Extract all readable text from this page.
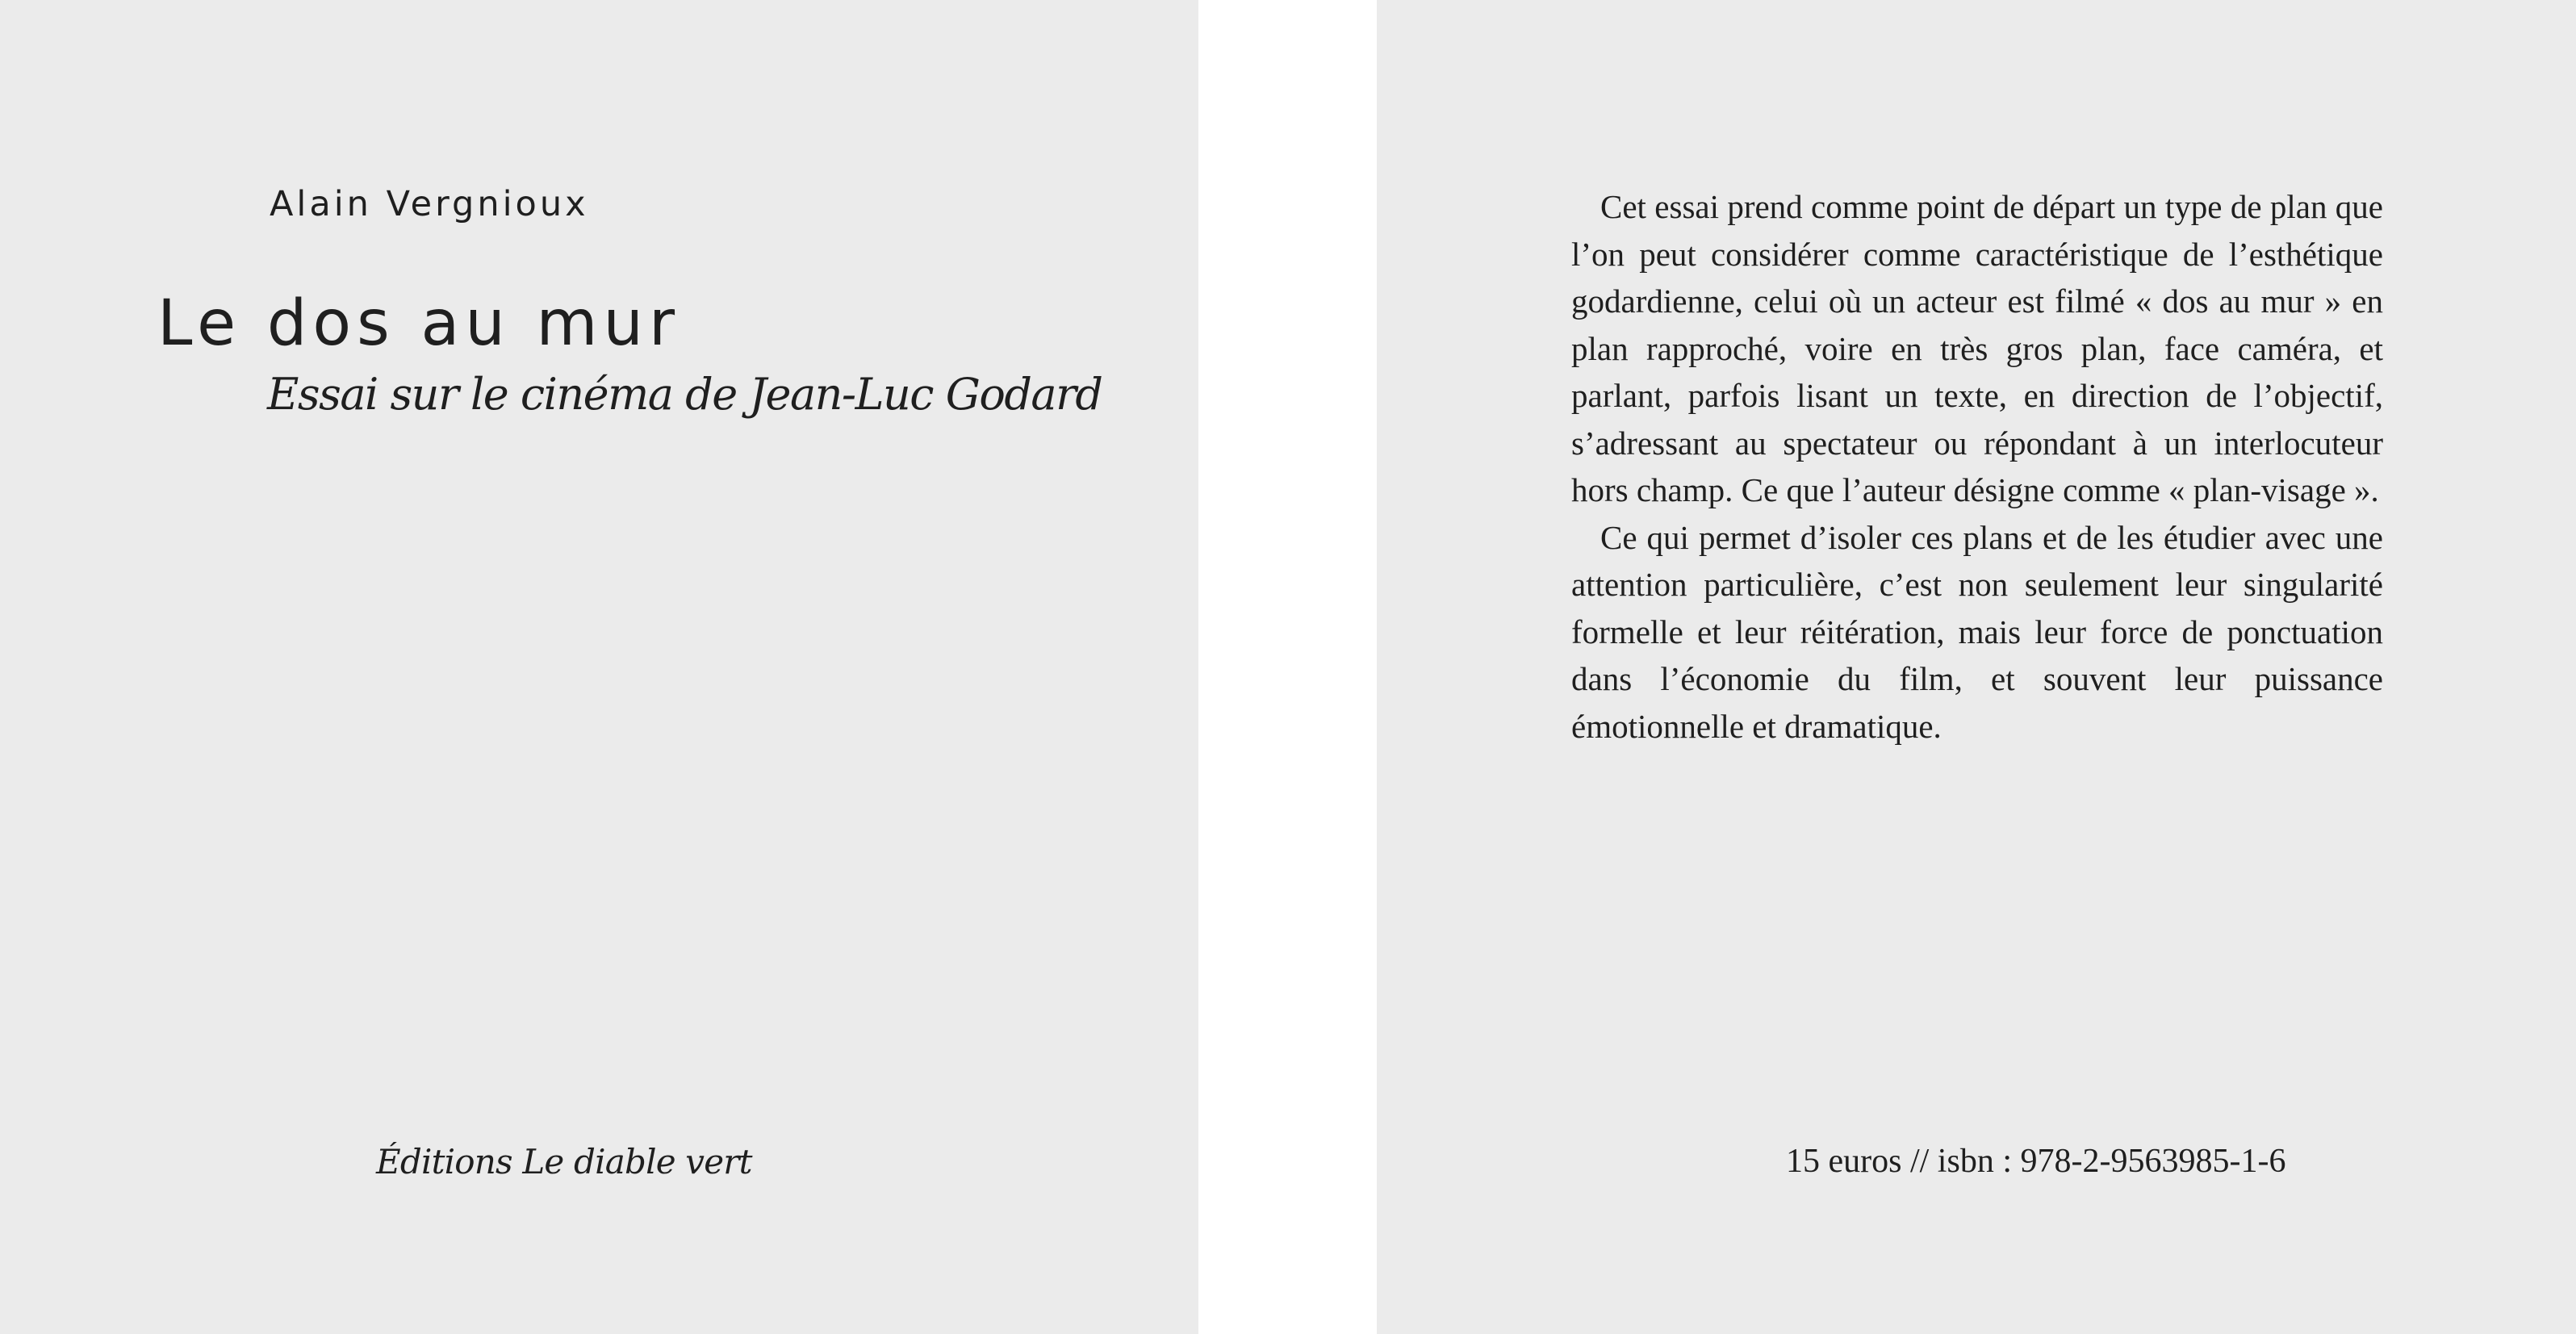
Alain Vergnioux
Le dos au mur
Essai sur le cinéma de Jean-Luc Godard
Éditions Le diable vert

Cet essai prend comme point de départ un type de plan que l’on peut considérer comme caractéristique de l’esthétique godardienne, celui où un acteur est filmé « dos au mur » en plan rapproché, voire en très gros plan, face caméra, et parlant, parfois lisant un texte, en direction de l’objectif, s’adressant au spectateur ou répondant à un interlocuteur hors champ. Ce que l’auteur désigne comme « plan-visage ».

Ce qui permet d’isoler ces plans et de les étudier avec une attention particulière, c’est non seulement leur singularité formelle et leur réitération, mais leur force de ponctuation dans l’économie du film, et souvent leur puissance émotionnelle et dramatique.

15 euros // isbn : 978-2-9563985-1-6
